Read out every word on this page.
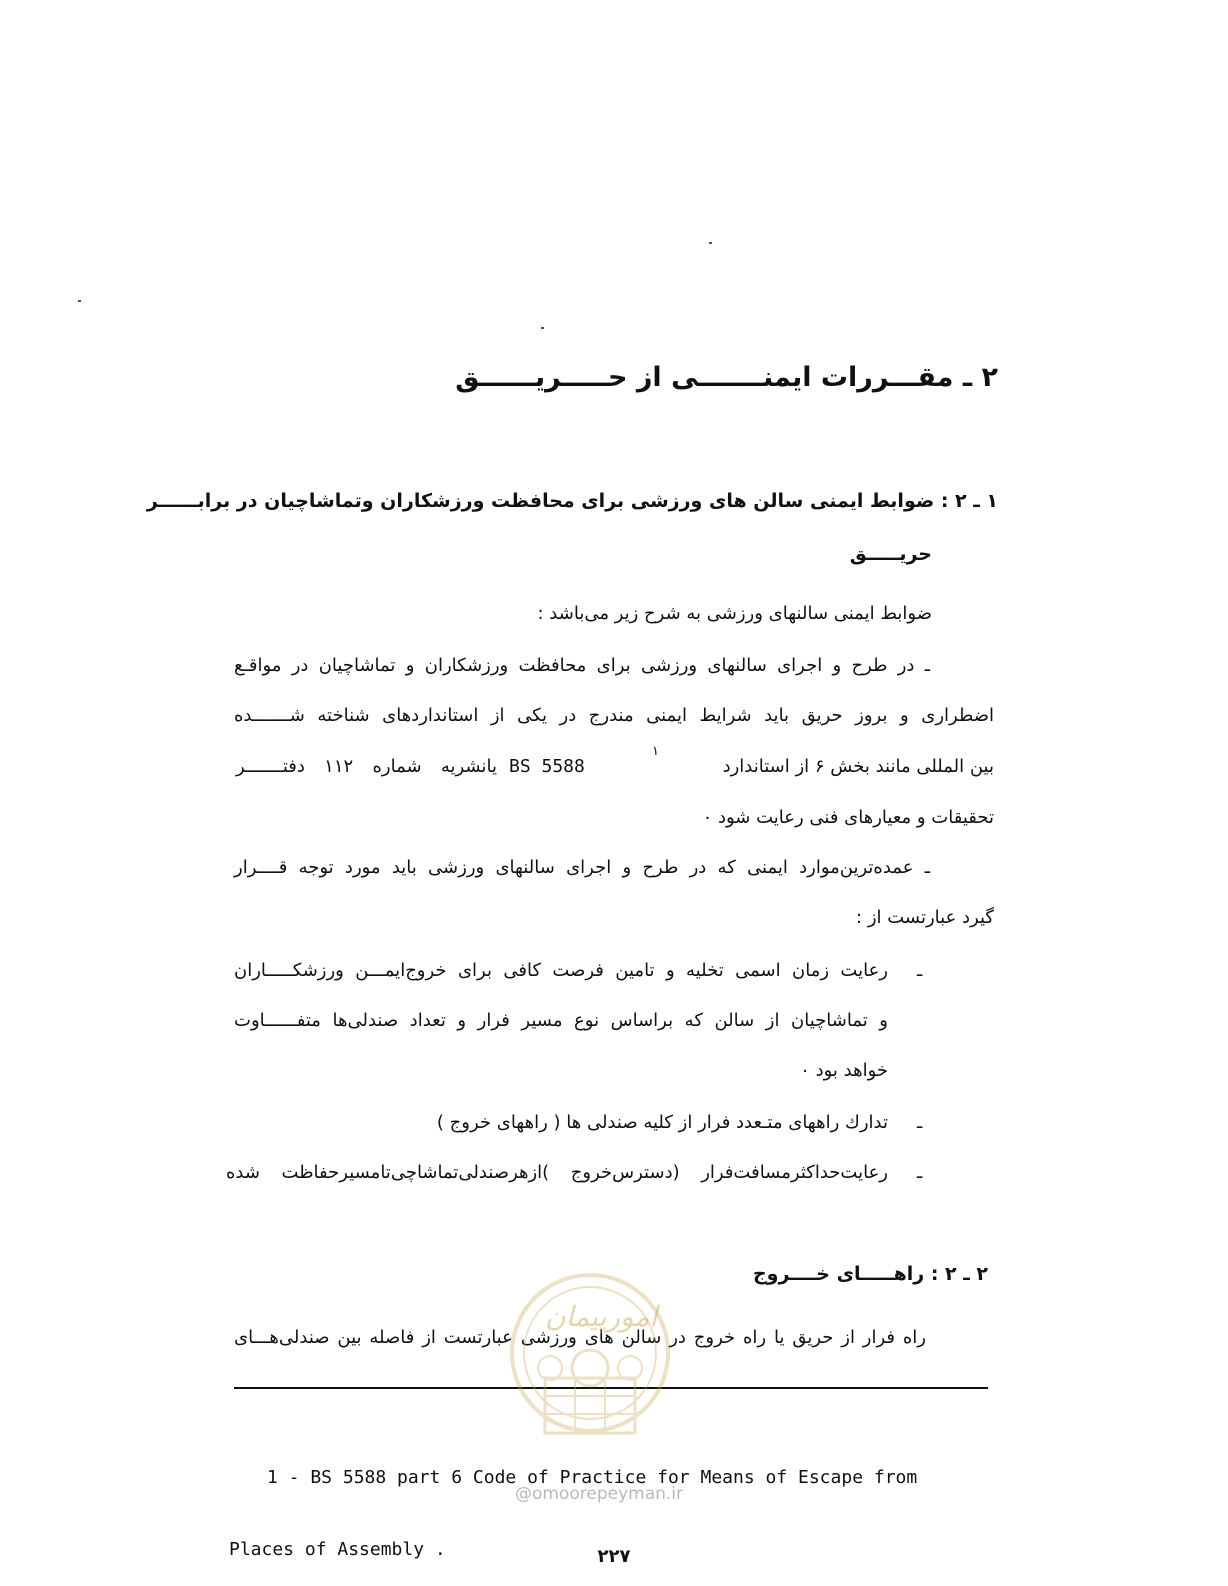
۲ ـ مقـــررات ایمنـــــــی از حـــــریــــــق
۱ ـ ۲ : ضوابط ایمنی سالن های ورزشی برای محافظت ورزشکاران وتماشاچیان در برابــــــر
حریـــــق
ضوابط ایمنی سالنهای ورزشی به شرح زیر می‌باشد :
ـ در طرح و اجرای سالنهای ورزشی برای محافظت ورزشکاران و تماشاچیان در مواقـع
اضطراری و بروز حریق باید شرایط ایمنی مندرج در یکی از استانداردهای شناخته شـــــــده
بین المللی مانند بخش ۶ از استاندارد
۱
BS 5588
یانشریه شماره ۱۱۲ دفتـــــــر
تحقیقات و معیارهای فنی رعایت شود ٠
ـ عمده‌ترین‌موارد ایمنی که در طرح و اجرای سالنهای ورزشی باید مورد توجه قــــرار
گیرد عبارتست از :
ـ
رعایت زمان اسمی تخلیه و تامین فرصت کافی برای خروج‌ایمـــن ورزشکـــــاران
و تماشاچیان از سالن که براساس نوع مسیر فرار و تعداد صندلی‌ها متفــــــاوت
خواهد بود ٠
ـ
تدارك راههای متـعدد فرار از کلیه صندلی ها ( راههای خروج )
ـ
رعایت‌حداکثرمسافت‌فرار (دسترس‌خروج )ازهرصندلی‌تماشاچی‌تامسیرحفاظت شده
۲ ـ ۲ : راهـــــای خــــروج
راه فرار از حریق یا راه خروج در سالن های ورزشی عبارتست از فاصله بین صندلی‌هـــای

1 - BS 5588 part 6 Code of Practice for Means of Escape from

Places of Assembly .

امورپیمان
@omoorepeyman.ir
۲۲۷
